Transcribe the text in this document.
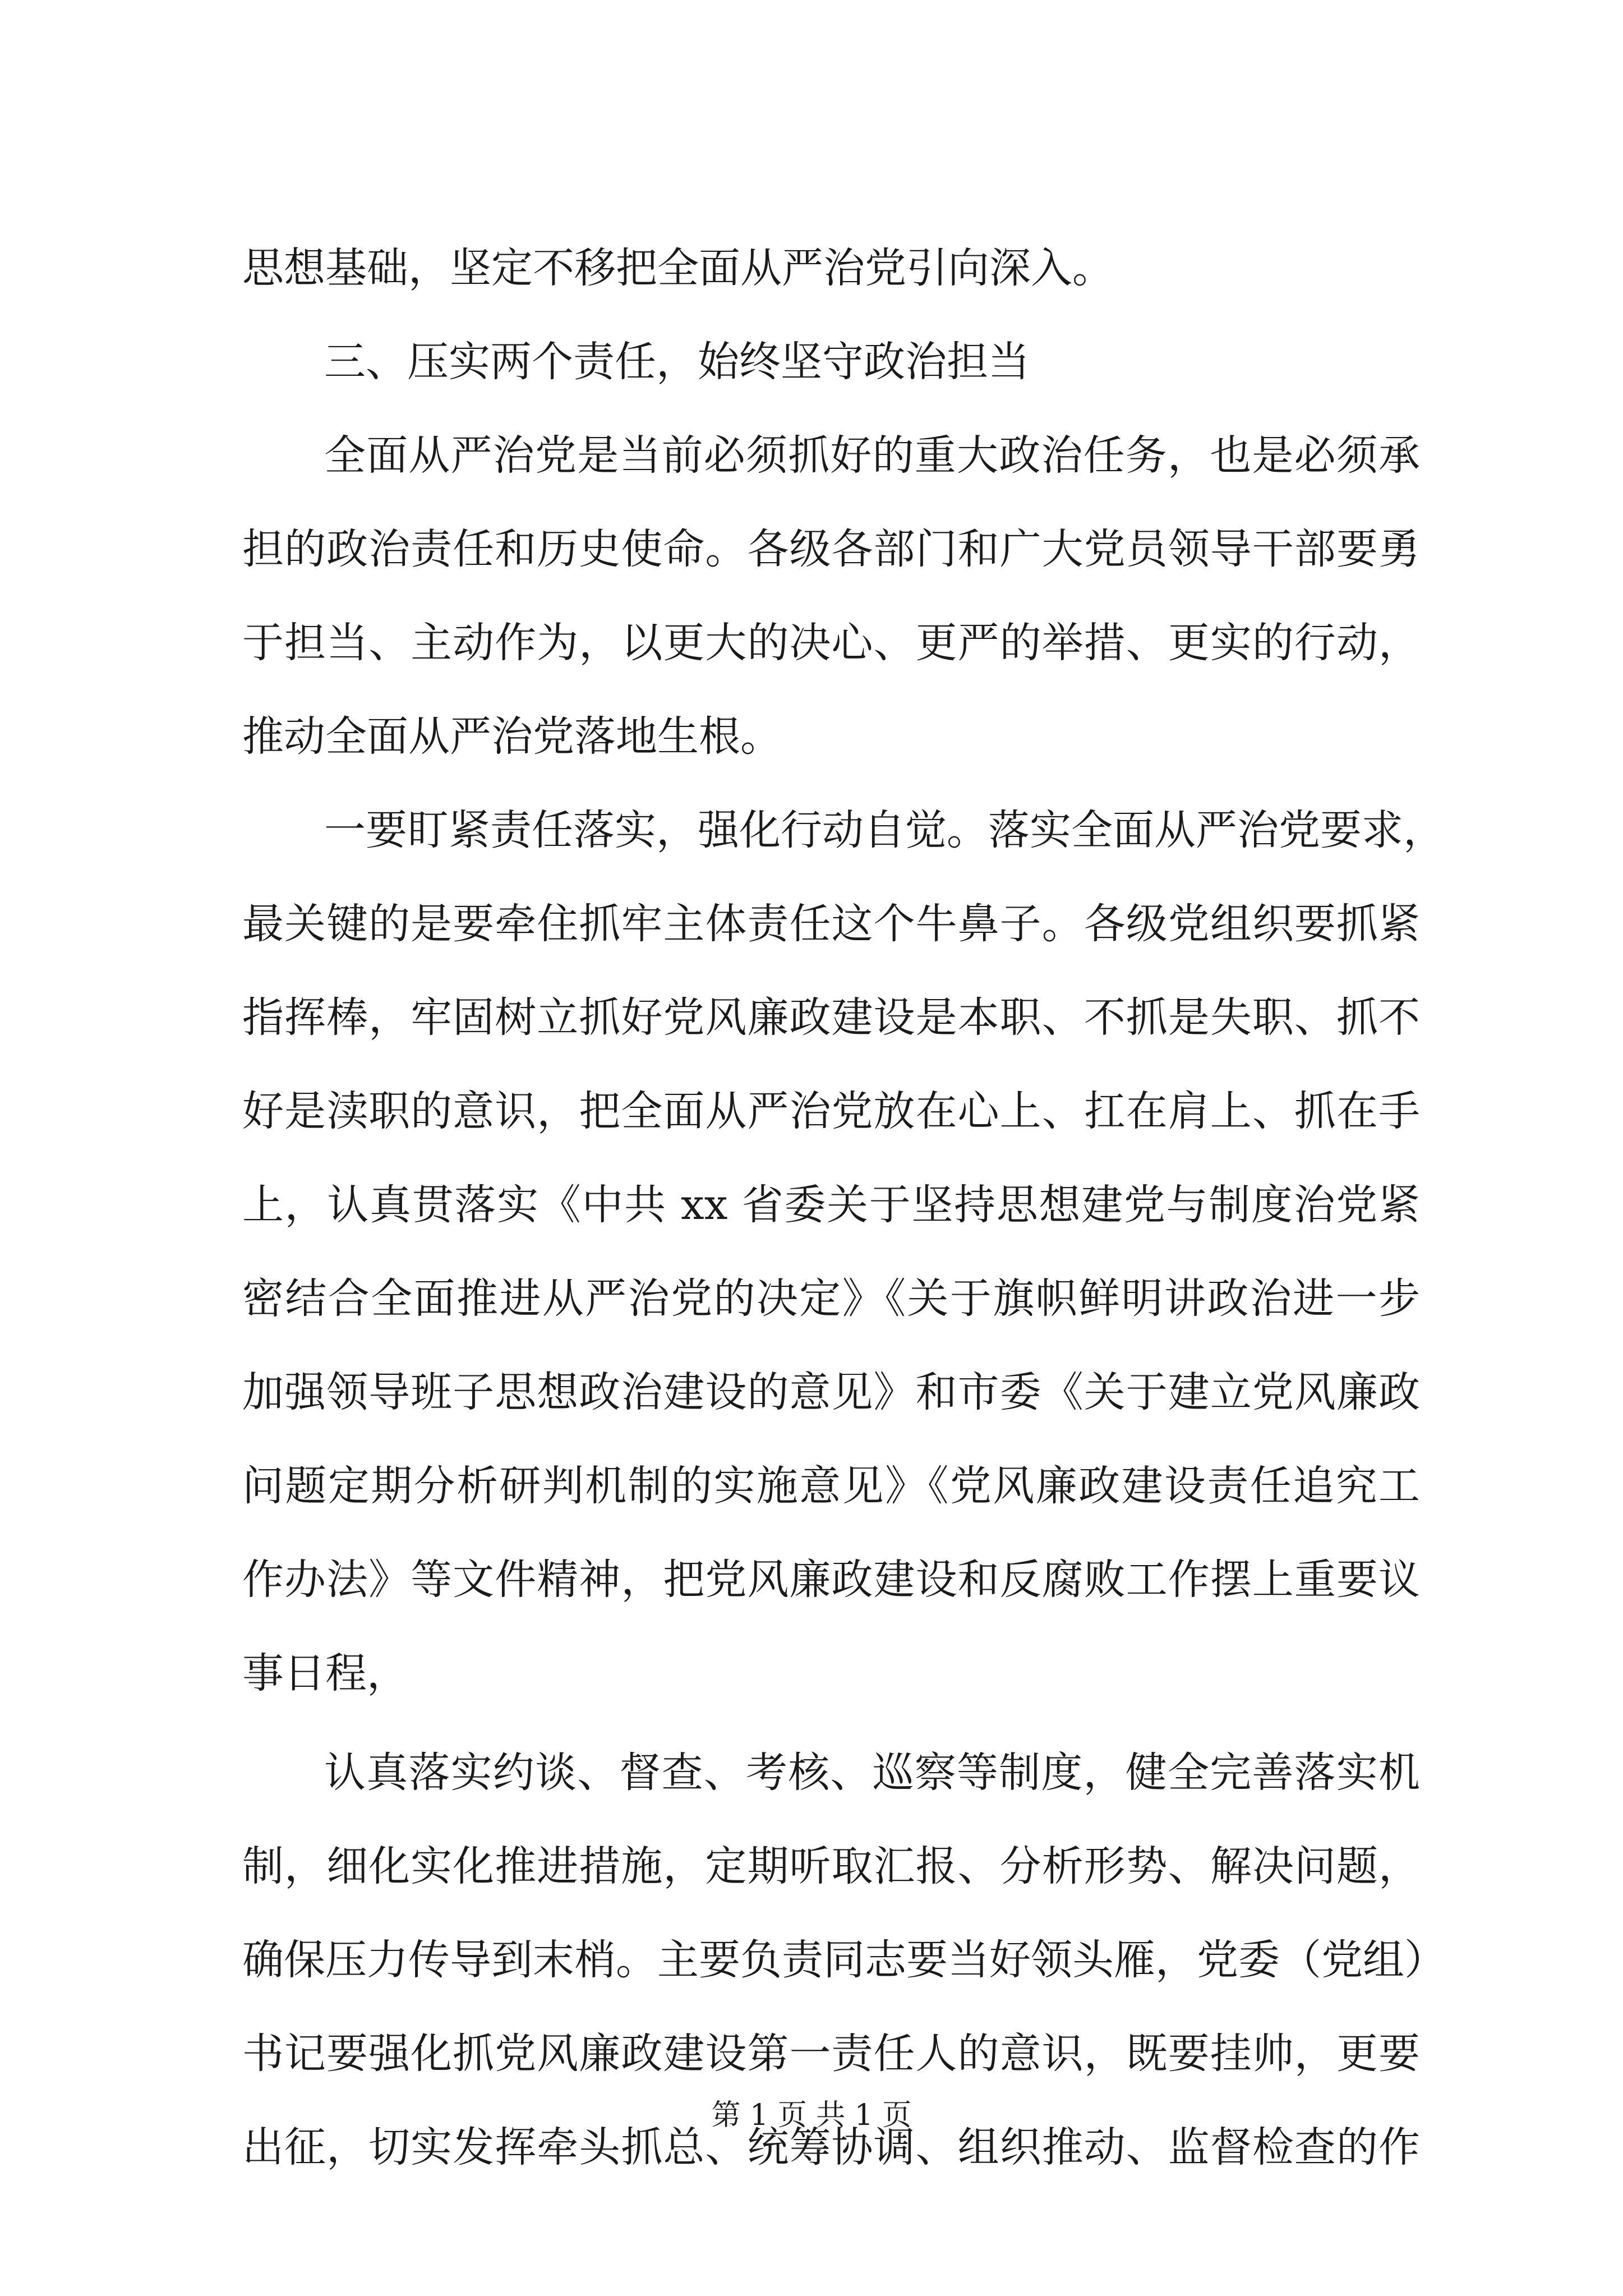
思想基础，坚定不移把全面从严治党引向深入。
三、压实两个责任，始终坚守政治担当
全面从严治党是当前必须抓好的重大政治任务，也是必须承
担的政治责任和历史使命。各级各部门和广大党员领导干部要勇
于担当、主动作为，以更大的决心、更严的举措、更实的行动，
推动全面从严治党落地生根。
一要盯紧责任落实，强化行动自觉。落实全面从严治党要求，
最关键的是要牵住抓牢主体责任这个牛鼻子。各级党组织要抓紧
指挥棒，牢固树立抓好党风廉政建设是本职、不抓是失职、抓不
好是渎职的意识，把全面从严治党放在心上、扛在肩上、抓在手
上，认真贯落实《中共 xx 省委关于坚持思想建党与制度治党紧
密结合全面推进从严治党的决定》《关于旗帜鲜明讲政治进一步
加强领导班子思想政治建设的意见》和市委《关于建立党风廉政
问题定期分析研判机制的实施意见》《党风廉政建设责任追究工
作办法》等文件精神，把党风廉政建设和反腐败工作摆上重要议
事日程，
认真落实约谈、督查、考核、巡察等制度，健全完善落实机
制，细化实化推进措施，定期听取汇报、分析形势、解决问题，
确保压力传导到末梢。主要负责同志要当好领头雁，党委（党组）
书记要强化抓党风廉政建设第一责任人的意识，既要挂帅，更要
出征，切实发挥牵头抓总、统筹协调、组织推动、监督检查的作
第 1 页 共 1 页
